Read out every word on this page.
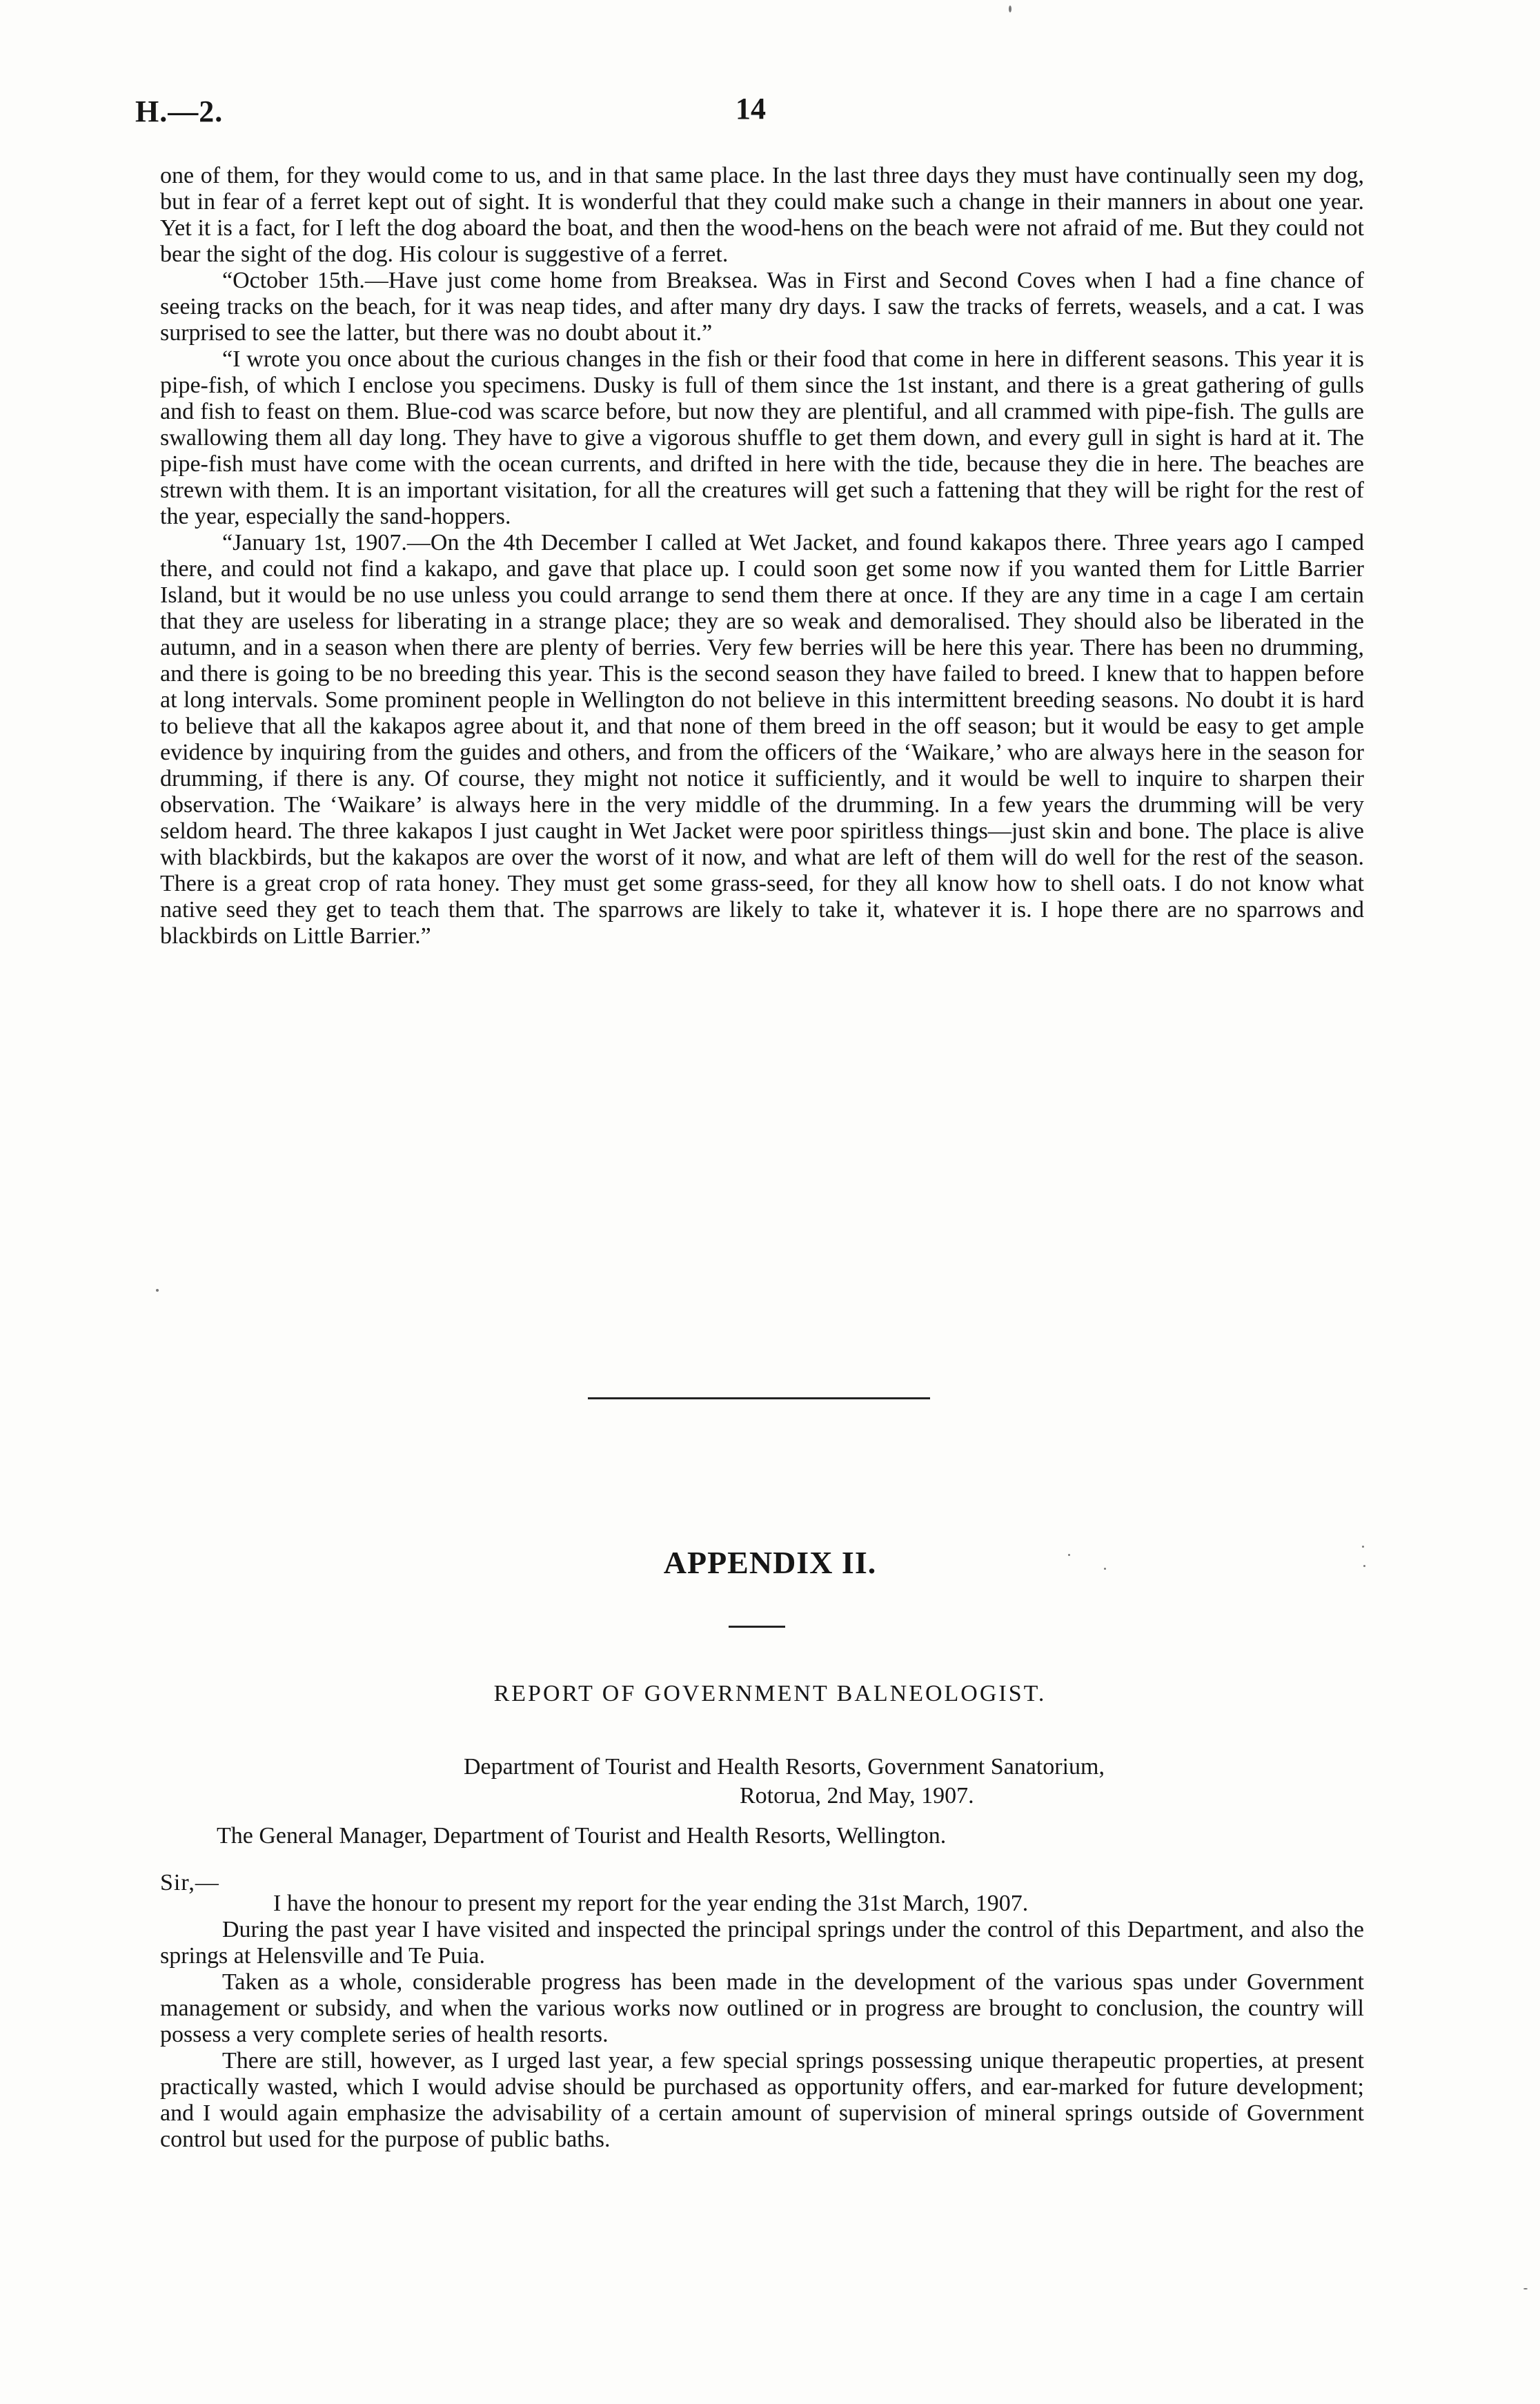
H.—2.	14

one of them, for they would come to us, and in that same place. In the last three days they must have continually seen my dog, but in fear of a ferret kept out of sight. It is wonderful that they could make such a change in their manners in about one year. Yet it is a fact, for I left the dog aboard the boat, and then the wood-hens on the beach were not afraid of me. But they could not bear the sight of the dog. His colour is suggestive of a ferret.

“October 15th.—Have just come home from Breaksea. Was in First and Second Coves when I had a fine chance of seeing tracks on the beach, for it was neap tides, and after many dry days. I saw the tracks of ferrets, weasels, and a cat. I was surprised to see the latter, but there was no doubt about it.”

“I wrote you once about the curious changes in the fish or their food that come in here in different seasons. This year it is pipe-fish, of which I enclose you specimens. Dusky is full of them since the 1st instant, and there is a great gathering of gulls and fish to feast on them. Blue-cod was scarce before, but now they are plentiful, and all crammed with pipe-fish. The gulls are swallowing them all day long. They have to give a vigorous shuffle to get them down, and every gull in sight is hard at it. The pipe-fish must have come with the ocean currents, and drifted in here with the tide, because they die in here. The beaches are strewn with them. It is an important visitation, for all the creatures will get such a fattening that they will be right for the rest of the year, especially the sand-hoppers.

“January 1st, 1907.—On the 4th December I called at Wet Jacket, and found kakapos there. Three years ago I camped there, and could not find a kakapo, and gave that place up. I could soon get some now if you wanted them for Little Barrier Island, but it would be no use unless you could arrange to send them there at once. If they are any time in a cage I am certain that they are useless for liberating in a strange place; they are so weak and demoralised. They should also be liberated in the autumn, and in a season when there are plenty of berries. Very few berries will be here this year. There has been no drumming, and there is going to be no breeding this year. This is the second season they have failed to breed. I knew that to happen before at long intervals. Some prominent people in Wellington do not believe in this intermittent breeding seasons. No doubt it is hard to believe that all the kakapos agree about it, and that none of them breed in the off season; but it would be easy to get ample evidence by inquiring from the guides and others, and from the officers of the ‘Waikare,’ who are always here in the season for drumming, if there is any. Of course, they might not notice it sufficiently, and it would be well to inquire to sharpen their observation. The ‘Waikare’ is always here in the very middle of the drumming. In a few years the drumming will be very seldom heard. The three kakapos I just caught in Wet Jacket were poor spiritless things—just skin and bone. The place is alive with blackbirds, but the kakapos are over the worst of it now, and what are left of them will do well for the rest of the season. There is a great crop of rata honey. They must get some grass-seed, for they all know how to shell oats. I do not know what native seed they get to teach them that. The sparrows are likely to take it, whatever it is. I hope there are no sparrows and blackbirds on Little Barrier.”

APPENDIX II.
REPORT OF GOVERNMENT BALNEOLOGIST.
Department of Tourist and Health Resorts, Government Sanatorium,
Rotorua, 2nd May, 1907.
The General Manager, Department of Tourist and Health Resorts, Wellington.
Sir,—

I have the honour to present my report for the year ending the 31st March, 1907.

During the past year I have visited and inspected the principal springs under the control of this Department, and also the springs at Helensville and Te Puia.

Taken as a whole, considerable progress has been made in the development of the various spas under Government management or subsidy, and when the various works now outlined or in progress are brought to conclusion, the country will possess a very complete series of health resorts.

There are still, however, as I urged last year, a few special springs possessing unique therapeutic properties, at present practically wasted, which I would advise should be purchased as opportunity offers, and ear-marked for future development; and I would again emphasize the advisability of a certain amount of supervision of mineral springs outside of Government control but used for the purpose of public baths.
